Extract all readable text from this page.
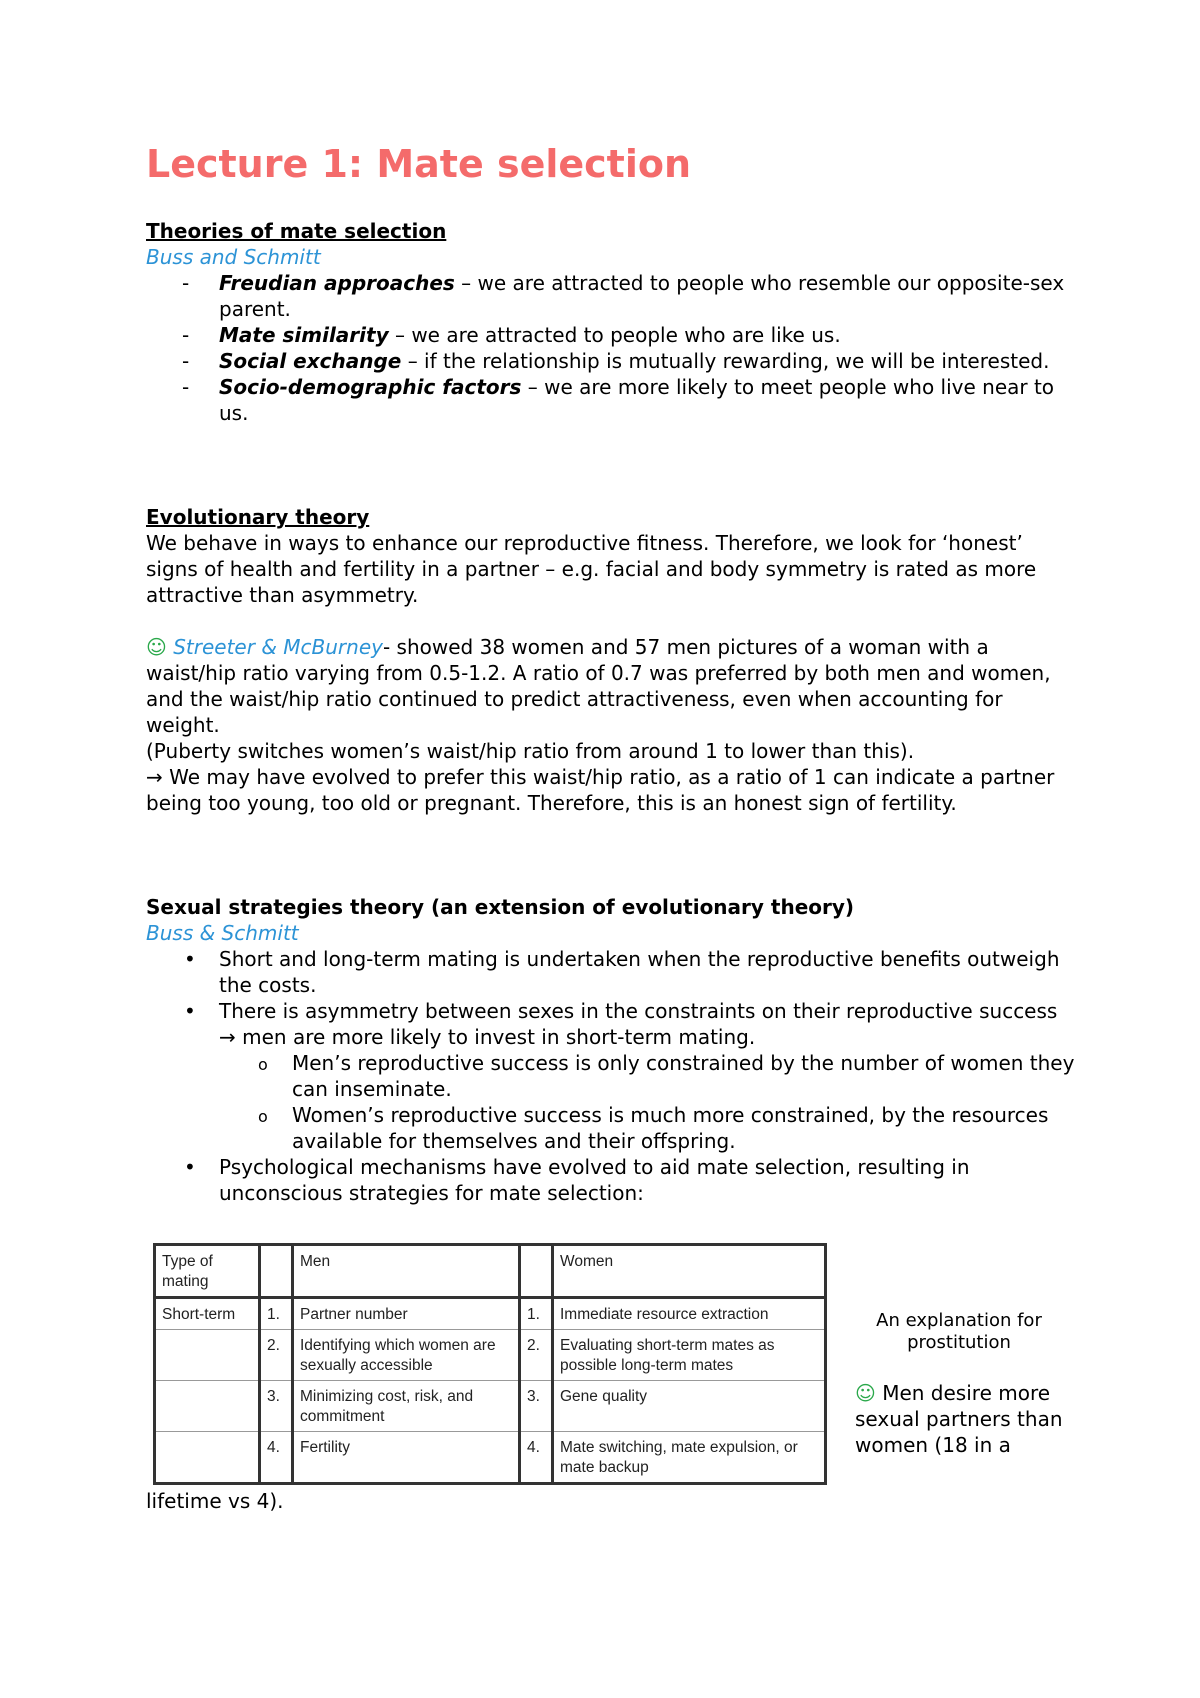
Lecture 1: Mate selection

Theories of mate selection

Buss and Schmitt

- Freudian approaches – we are attracted to people who resemble our opposite-sex parent.
- Mate similarity – we are attracted to people who are like us.
- Social exchange – if the relationship is mutually rewarding, we will be interested.
- Socio-demographic factors – we are more likely to meet people who live near to us.

Evolutionary theory

We behave in ways to enhance our reproductive fitness. Therefore, we look for ‘honest’ signs of health and fertility in a partner – e.g. facial and body symmetry is rated as more attractive than asymmetry.

☺ Streeter & McBurney- showed 38 women and 57 men pictures of a woman with a waist/hip ratio varying from 0.5-1.2. A ratio of 0.7 was preferred by both men and women, and the waist/hip ratio continued to predict attractiveness, even when accounting for weight.

(Puberty switches women’s waist/hip ratio from around 1 to lower than this).

→ We may have evolved to prefer this waist/hip ratio, as a ratio of 1 can indicate a partner being too young, too old or pregnant. Therefore, this is an honest sign of fertility.

Sexual strategies theory (an extension of evolutionary theory)

Buss & Schmitt

• Short and long-term mating is undertaken when the reproductive benefits outweigh the costs.
• There is asymmetry between sexes in the constraints on their reproductive success → men are more likely to invest in short-term mating.
o Men’s reproductive success is only constrained by the number of women they can inseminate.
o Women’s reproductive success is much more constrained, by the resources available for themselves and their offspring.
• Psychological mechanisms have evolved to aid mate selection, resulting in unconscious strategies for mate selection:
Type of mating		Men		Women
Short-term	1.	Partner number	1.	Immediate resource extraction
	2.	Identifying which women are sexually accessible	2.	Evaluating short-term mates as possible long-term mates
	3.	Minimizing cost, risk, and commitment	3.	Gene quality
	4.	Fertility	4.	Mate switching, mate expulsion, or mate backup
An explanation for prostitution
☺ Men desire more sexual partners than women (18 in a
lifetime vs 4).
